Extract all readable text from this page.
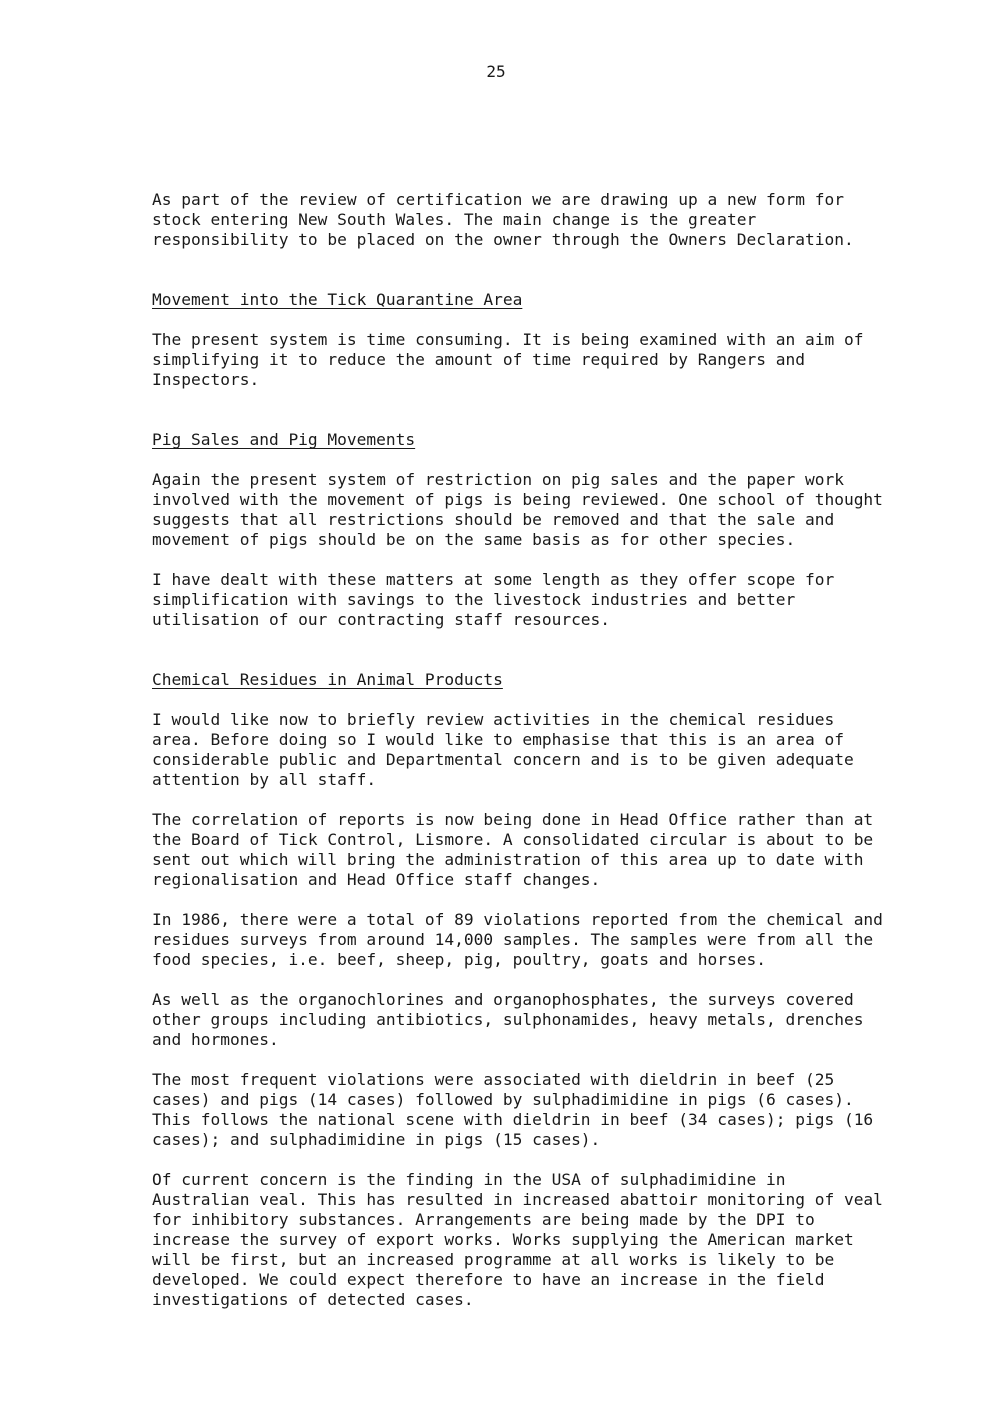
25

As part of the review of certification we are drawing up a new form for
stock entering New South Wales. The main change is the greater
responsibility to be placed on the owner through the Owners Declaration.

Movement into the Tick Quarantine Area

The present system is time consuming. It is being examined with an aim of
simplifying it to reduce the amount of time required by Rangers and
Inspectors.

Pig Sales and Pig Movements

Again the present system of restriction on pig sales and the paper work
involved with the movement of pigs is being reviewed. One school of thought
suggests that all restrictions should be removed and that the sale and
movement of pigs should be on the same basis as for other species.

I have dealt with these matters at some length as they offer scope for
simplification with savings to the livestock industries and better
utilisation of our contracting staff resources.

Chemical Residues in Animal Products

I would like now to briefly review activities in the chemical residues
area. Before doing so I would like to emphasise that this is an area of
considerable public and Departmental concern and is to be given adequate
attention by all staff.

The correlation of reports is now being done in Head Office rather than at
the Board of Tick Control, Lismore. A consolidated circular is about to be
sent out which will bring the administration of this area up to date with
regionalisation and Head Office staff changes.

In 1986, there were a total of 89 violations reported from the chemical and
residues surveys from around 14,000 samples. The samples were from all the
food species, i.e. beef, sheep, pig, poultry, goats and horses.

As well as the organochlorines and organophosphates, the surveys covered
other groups including antibiotics, sulphonamides, heavy metals, drenches
and hormones.

The most frequent violations were associated with dieldrin in beef (25
cases) and pigs (14 cases) followed by sulphadimidine in pigs (6 cases).
This follows the national scene with dieldrin in beef (34 cases); pigs (16
cases); and sulphadimidine in pigs (15 cases).

Of current concern is the finding in the USA of sulphadimidine in
Australian veal. This has resulted in increased abattoir monitoring of veal
for inhibitory substances. Arrangements are being made by the DPI to
increase the survey of export works. Works supplying the American market
will be first, but an increased programme at all works is likely to be
developed. We could expect therefore to have an increase in the field
investigations of detected cases.
